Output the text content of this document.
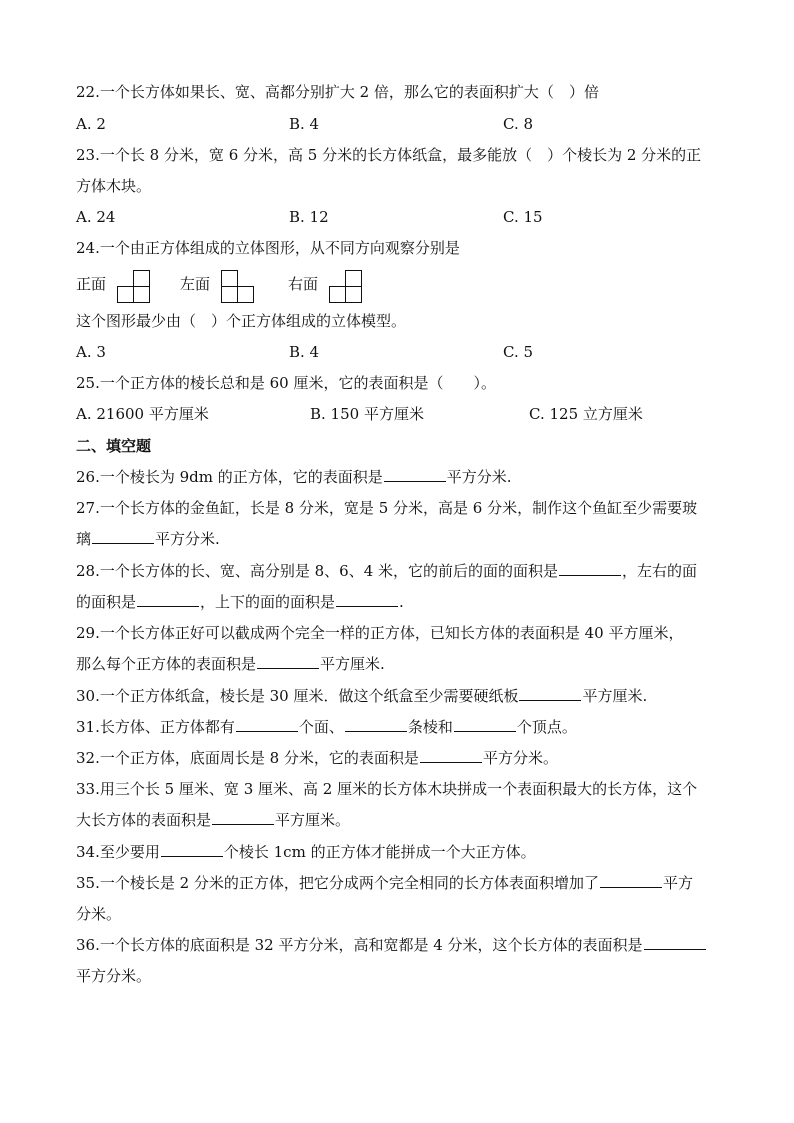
22.一个长方体如果长、宽、高都分别扩大 2 倍，那么它的表面积扩大（　）倍
A. 2	B. 4	C. 8
23.一个长 8 分米，宽 6 分米，高 5 分米的长方体纸盒，最多能放（　）个棱长为 2 分米的正
方体木块。
A. 24	B. 12	C. 15
24.一个由正方体组成的立体图形，从不同方向观察分别是
正面	左面	右面
这个图形最少由（　）个正方体组成的立体模型。
A. 3	B. 4	C. 5
25.一个正方体的棱长总和是 60 厘米，它的表面积是（　　）。
A. 21600 平方厘米	B. 150 平方厘米	C. 125 立方厘米
二、填空题
26.一个棱长为 9dm 的正方体，它的表面积是	平方分米.
27.一个长方体的金鱼缸，长是 8 分米，宽是 5 分米，高是 6 分米，制作这个鱼缸至少需要玻
璃	平方分米.
28.一个长方体的长、宽、高分别是 8、6、4 米，它的前后的面的面积是	，左右的面
的面积是	，上下的面的面积是	.
29.一个长方体正好可以截成两个完全一样的正方体，已知长方体的表面积是 40 平方厘米，
那么每个正方体的表面积是	平方厘米.
30.一个正方体纸盒，棱长是 30 厘米．做这个纸盒至少需要硬纸板	平方厘米.
31.长方体、正方体都有	个面、	条棱和	个顶点。
32.一个正方体，底面周长是 8 分米，它的表面积是	平方分米。
33.用三个长 5 厘米、宽 3 厘米、高 2 厘米的长方体木块拼成一个表面积最大的长方体，这个
大长方体的表面积是	平方厘米。
34.至少要用	个棱长 1cm 的正方体才能拼成一个大正方体。
35.一个棱长是 2 分米的正方体，把它分成两个完全相同的长方体表面积增加了	平方
分米。
36.一个长方体的底面积是 32 平方分米，高和宽都是 4 分米，这个长方体的表面积是
平方分米。
